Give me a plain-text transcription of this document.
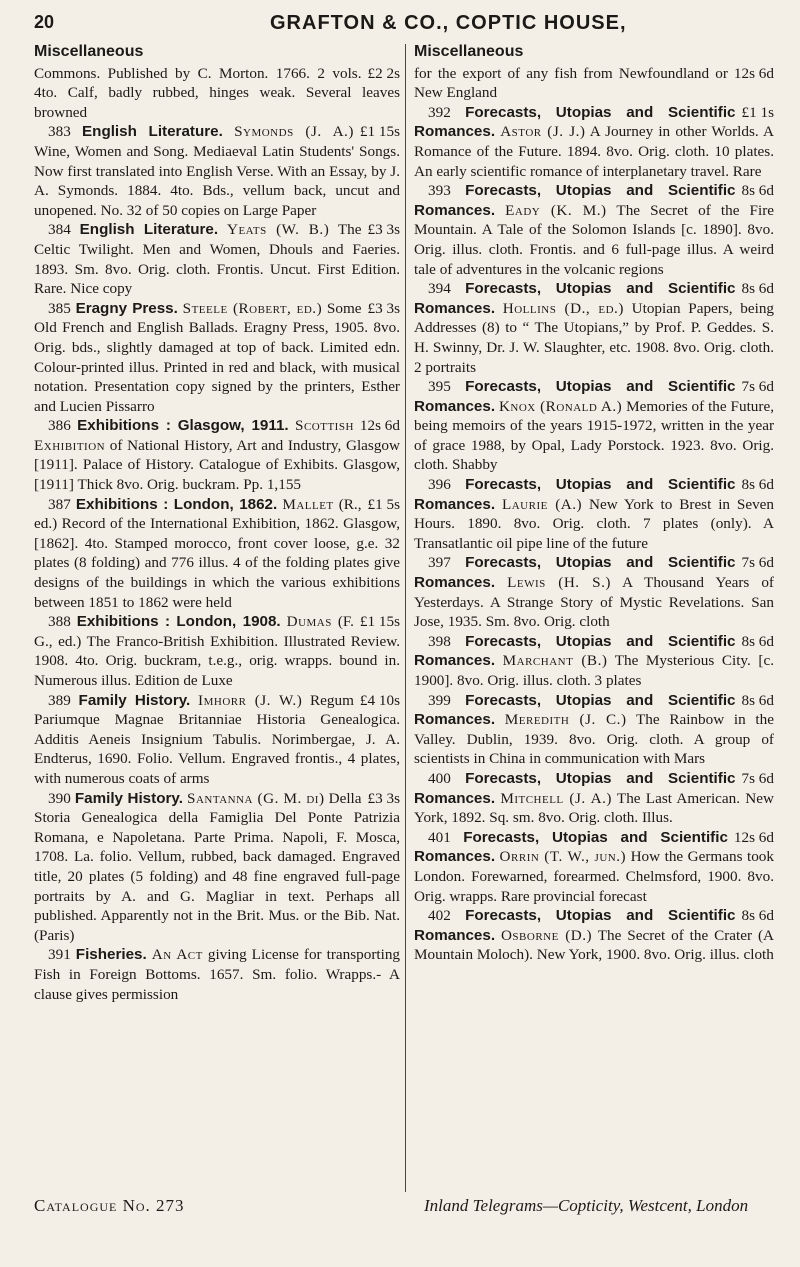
20	GRAFTON & CO., COPTIC HOUSE,
Miscellaneous

£2 2s
Commons. Published by C. Morton. 1766. 2 vols. 4to. Calf, badly rubbed, hinges weak. Several leaves browned

£1 15s
383 English Literature. Symonds (J. A.) Wine, Women and Song. Mediaeval Latin Students' Songs. Now first translated into English Verse. With an Essay, by J. A. Symonds. 1884. 4to. Bds., vellum back, uncut and unopened. No. 32 of 50 copies on Large Paper

£3 3s
384 English Literature. Yeats (W. B.) The Celtic Twilight. Men and Women, Dhouls and Faeries. 1893. Sm. 8vo. Orig. cloth. Frontis. Uncut. First Edition. Rare. Nice copy

£3 3s
385 Eragny Press. Steele (Robert, ed.) Some Old French and English Ballads. Eragny Press, 1905. 8vo. Orig. bds., slightly damaged at top of back. Limited edn. Colour-printed illus. Printed in red and black, with musical notation. Presentation copy signed by the printers, Esther and Lucien Pissarro

12s 6d
386 Exhibitions : Glasgow, 1911. Scottish Exhibition of National History, Art and Industry, Glasgow [1911]. Palace of History. Catalogue of Exhibits. Glasgow, [1911] Thick 8vo. Orig. buckram. Pp. 1,155

£1 5s
387 Exhibitions : London, 1862. Mallet (R., ed.) Record of the International Exhibition, 1862. Glasgow, [1862]. 4to. Stamped morocco, front cover loose, g.e. 32 plates (8 folding) and 776 illus. 4 of the folding plates give designs of the buildings in which the various exhibitions between 1851 to 1862 were held

£1 15s
388 Exhibitions : London, 1908. Dumas (F. G., ed.) The Franco-British Exhibition. Illustrated Review. 1908. 4to. Orig. buckram, t.e.g., orig. wrapps. bound in. Numerous illus. Edition de Luxe

£4 10s
389 Family History. Imhorr (J. W.) Regum Pariumque Magnae Britanniae Historia Genealogica. Additis Aeneis Insignium Tabulis. Norimbergae, J. A. Endterus, 1690. Folio. Vellum. Engraved frontis., 4 plates, with numerous coats of arms

£3 3s
390 Family History. Santanna (G. M. di) Della Storia Genealogica della Famiglia Del Ponte Patrizia Romana, e Napoletana. Parte Prima. Napoli, F. Mosca, 1708. La. folio. Vellum, rubbed, back damaged. Engraved title, 20 plates (5 folding) and 48 fine engraved full-page portraits by A. and G. Magliar in text. Perhaps all published. Apparently not in the Brit. Mus. or the Bib. Nat. (Paris)

391 Fisheries. An Act giving License for transporting Fish in Foreign Bottoms. 1657. Sm. folio. Wrapps.- A clause gives permission

Miscellaneous

12s 6d
for the export of any fish from Newfoundland or New England

£1 1s
392 Forecasts, Utopias and Scientific Romances. Astor (J. J.) A Journey in other Worlds. A Romance of the Future. 1894. 8vo. Orig. cloth. 10 plates. An early scientific romance of interplanetary travel. Rare

8s 6d
393 Forecasts, Utopias and Scientific Romances. Eady (K. M.) The Secret of the Fire Mountain. A Tale of the Solomon Islands [c. 1890]. 8vo. Orig. illus. cloth. Frontis. and 6 full-page illus. A weird tale of adventures in the volcanic regions

8s 6d
394 Forecasts, Utopias and Scientific Romances. Hollins (D., ed.) Utopian Papers, being Addresses (8) to “ The Utopians,” by Prof. P. Geddes. S. H. Swinny, Dr. J. W. Slaughter, etc. 1908. 8vo. Orig. cloth. 2 portraits

7s 6d
395 Forecasts, Utopias and Scientific Romances. Knox (Ronald A.) Memories of the Future, being memoirs of the years 1915-1972, written in the year of grace 1988, by Opal, Lady Porstock. 1923. 8vo. Orig. cloth. Shabby

8s 6d
396 Forecasts, Utopias and Scientific Romances. Laurie (A.) New York to Brest in Seven Hours. 1890. 8vo. Orig. cloth. 7 plates (only). A Transatlantic oil pipe line of the future

7s 6d
397 Forecasts, Utopias and Scientific Romances. Lewis (H. S.) A Thousand Years of Yesterdays. A Strange Story of Mystic Revelations. San Jose, 1935. Sm. 8vo. Orig. cloth

8s 6d
398 Forecasts, Utopias and Scientific Romances. Marchant (B.) The Mysterious City. [c. 1900]. 8vo. Orig. illus. cloth. 3 plates

8s 6d
399 Forecasts, Utopias and Scientific Romances. Meredith (J. C.) The Rainbow in the Valley. Dublin, 1939. 8vo. Orig. cloth. A group of scientists in China in communication with Mars

7s 6d
400 Forecasts, Utopias and Scientific Romances. Mitchell (J. A.) The Last American. New York, 1892. Sq. sm. 8vo. Orig. cloth. Illus.

12s 6d
401 Forecasts, Utopias and Scientific Romances. Orrin (T. W., jun.) How the Germans took London. Forewarned, forearmed. Chelmsford, 1900. 8vo. Orig. wrapps. Rare provincial forecast

8s 6d
402 Forecasts, Utopias and Scientific Romances. Osborne (D.) The Secret of the Crater (A Mountain Moloch). New York, 1900. 8vo. Orig. illus. cloth

Catalogue No. 273	Inland Telegrams—Copticity, Westcent, London
